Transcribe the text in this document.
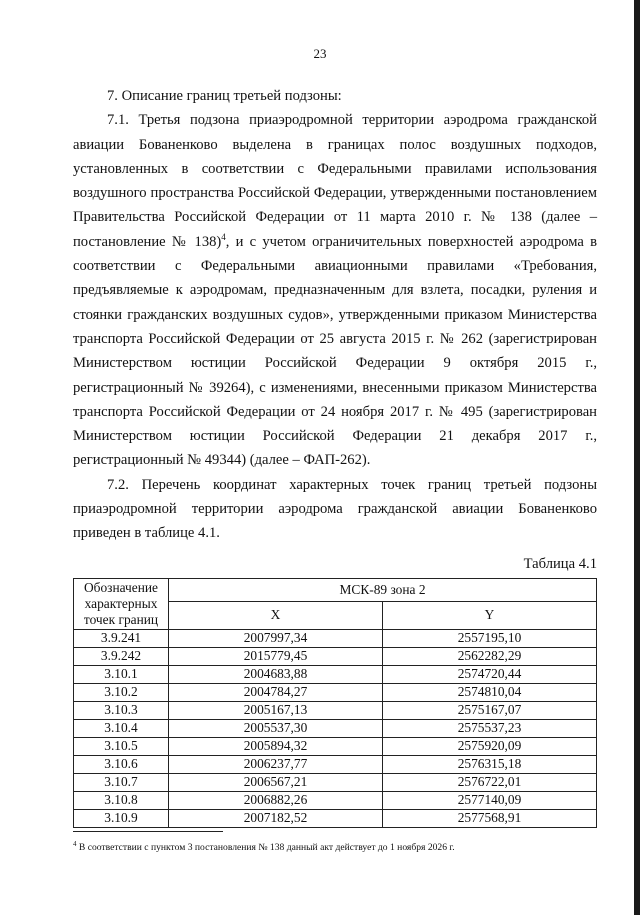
23

7. Описание границ третьей подзоны:

7.1. Третья подзона приаэродромной территории аэродрома гражданской авиации Бованенково выделена в границах полос воздушных подходов, установленных в соответствии с Федеральными правилами использования воздушного пространства Российской Федерации, утвержденными постановлением Правительства Российской Федерации от 11 марта 2010 г. № 138 (далее – постановление № 138)$^4$, и с учетом ограничительных поверхностей аэродрома в соответствии с Федеральными авиационными правилами «Требования, предъявляемые к аэродромам, предназначенным для взлета, посадки, руления и стоянки гражданских воздушных судов», утвержденными приказом Министерства транспорта Российской Федерации от 25 августа 2015 г. № 262 (зарегистрирован Министерством юстиции Российской Федерации 9 октября 2015 г., регистрационный № 39264), с изменениями, внесенными приказом Министерства транспорта Российской Федерации от 24 ноября 2017 г. № 495 (зарегистрирован Министерством юстиции Российской Федерации 21 декабря 2017 г., регистрационный № 49344) (далее – ФАП-262).

7.2. Перечень координат характерных точек границ третьей подзоны приаэродромной территории аэродрома гражданской авиации Бованенково приведен в таблице 4.1.

Таблица 4.1
Обозначение характерных точек границ	МСК-89 зона 2	
	X	Y
3.9.241	2007997,34	2557195,10
3.9.242	2015779,45	2562282,29
3.10.1	2004683,88	2574720,44
3.10.2	2004784,27	2574810,04
3.10.3	2005167,13	2575167,07
3.10.4	2005537,30	2575537,23
3.10.5	2005894,32	2575920,09
3.10.6	2006237,77	2576315,18
3.10.7	2006567,21	2576722,01
3.10.8	2006882,26	2577140,09
3.10.9	2007182,52	2577568,91
$^4$ В соответствии с пунктом 3 постановления № 138 данный акт действует до 1 ноября 2026 г.
